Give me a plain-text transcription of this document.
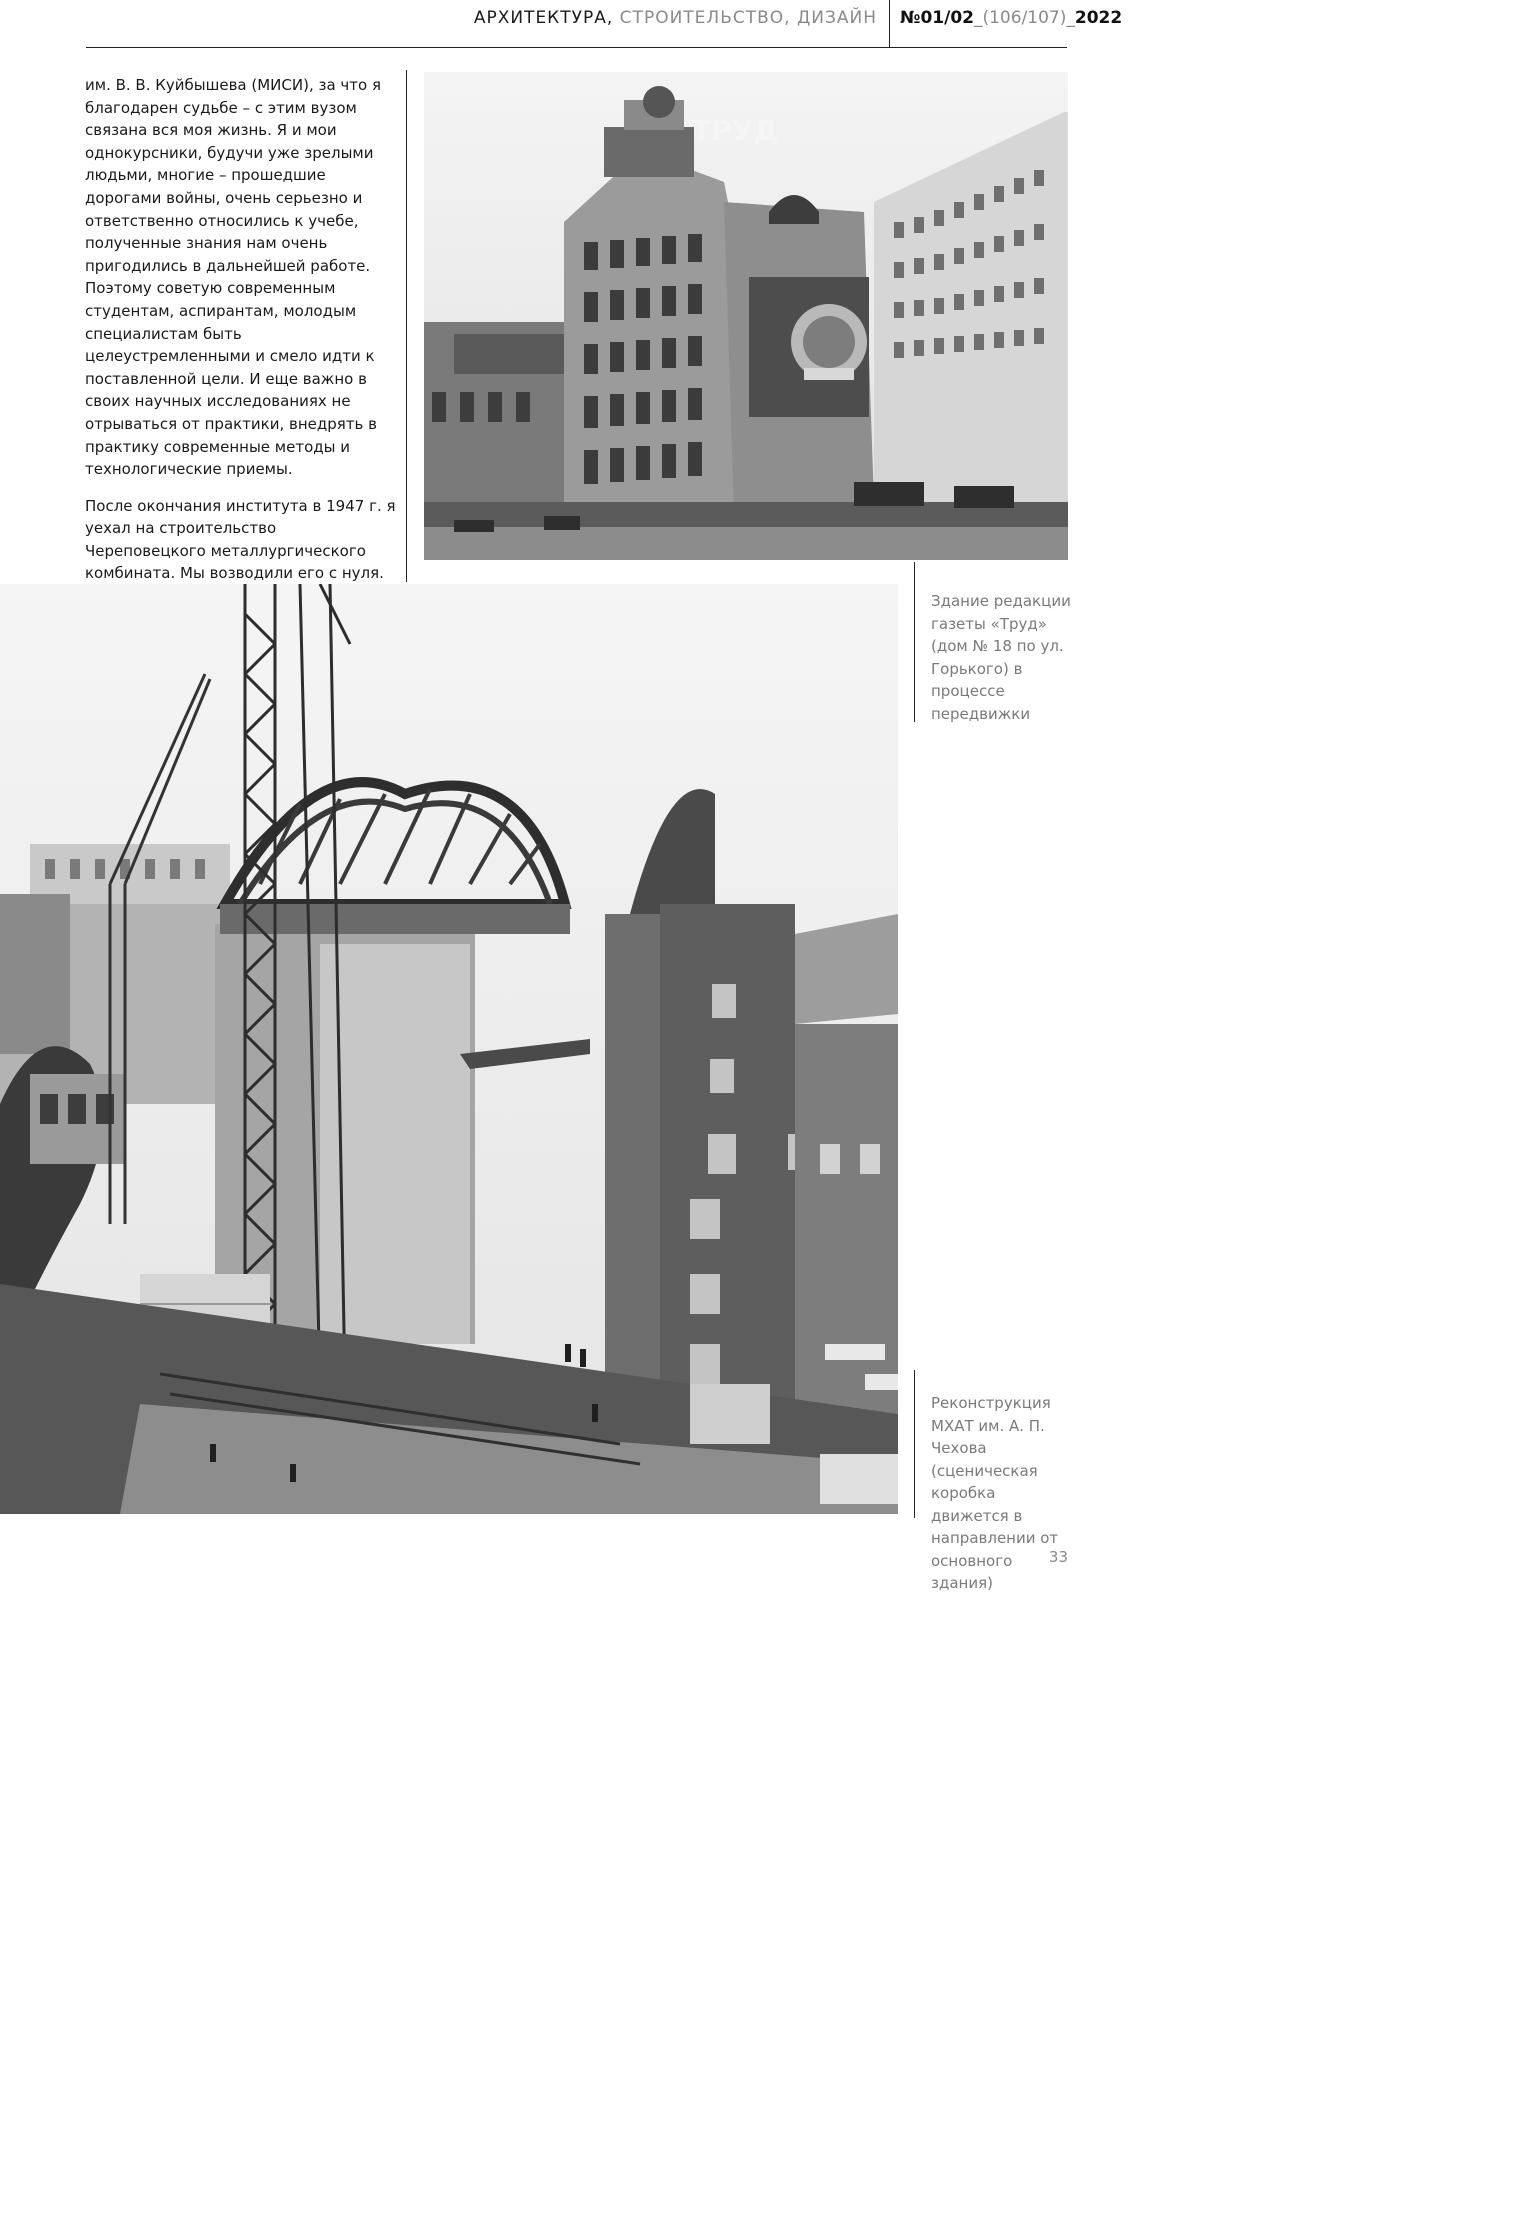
АРХИТЕКТУРА, СТРОИТЕЛЬСТВО, ДИЗАЙН №01/02_(106/107)_2022

им. В. В. Куйбышева (МИСИ), за что я благодарен судьбе – с этим вузом связана вся моя жизнь. Я и мои однокурсники, будучи уже зрелыми людьми, многие – прошедшие дорогами войны, очень серьезно и ответственно относились к учебе, полученные знания нам очень пригодились в дальнейшей работе. Поэтому советую современным студентам, аспирантам, молодым специалистам быть целеустремленными и смело идти к поставленной цели. И еще важно в своих научных исследованиях не отрываться от практики, внедрять в практику современные методы и технологические приемы.

После окончания института в 1947 г. я уехал на строительство Череповецкого металлургического комбината. Мы возводили его с нуля.

ТРУД
Здание редакции газеты «Труд» (дом № 18 по ул. Горького) в процессе передвижки
Реконструкция МХАТ им. А. П. Чехова (сценическая коробка движется в направлении от основного здания)
33
